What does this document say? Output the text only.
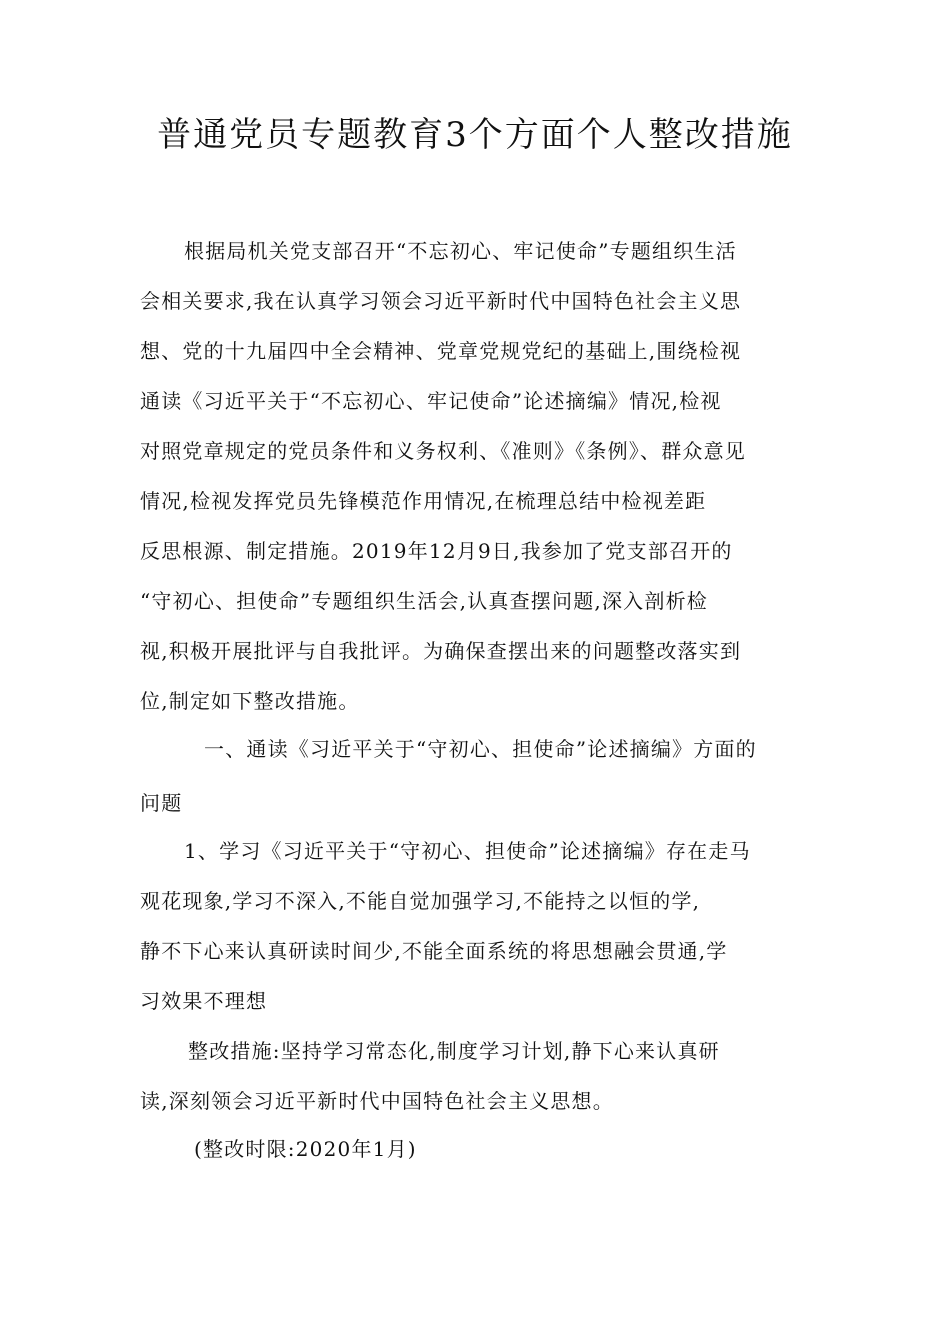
普通党员专题教育3个方面个人整改措施
根据局机关党支部召开“不忘初心、牢记使命”专题组织生活
会相关要求,我在认真学习领会习近平新时代中国特色社会主义思
想、党的十九届四中全会精神、党章党规党纪的基础上,围绕检视
通读《习近平关于“不忘初心、牢记使命”论述摘编》情况,检视
对照党章规定的党员条件和义务权利、《准则》《条例》、群众意见
情况,检视发挥党员先锋模范作用情况,在梳理总结中检视差距
反思根源、制定措施。2019年12月9日,我参加了党支部召开的
“守初心、担使命”专题组织生活会,认真查摆问题,深入剖析检
视,积极开展批评与自我批评。为确保查摆出来的问题整改落实到
位,制定如下整改措施。
一、通读《习近平关于“守初心、担使命”论述摘编》方面的
问题
1、学习《习近平关于“守初心、担使命”论述摘编》存在走马
观花现象,学习不深入,不能自觉加强学习,不能持之以恒的学,
静不下心来认真研读时间少,不能全面系统的将思想融会贯通,学
习效果不理想
整改措施:坚持学习常态化,制度学习计划,静下心来认真研
读,深刻领会习近平新时代中国特色社会主义思想。
(整改时限:2020年1月)
